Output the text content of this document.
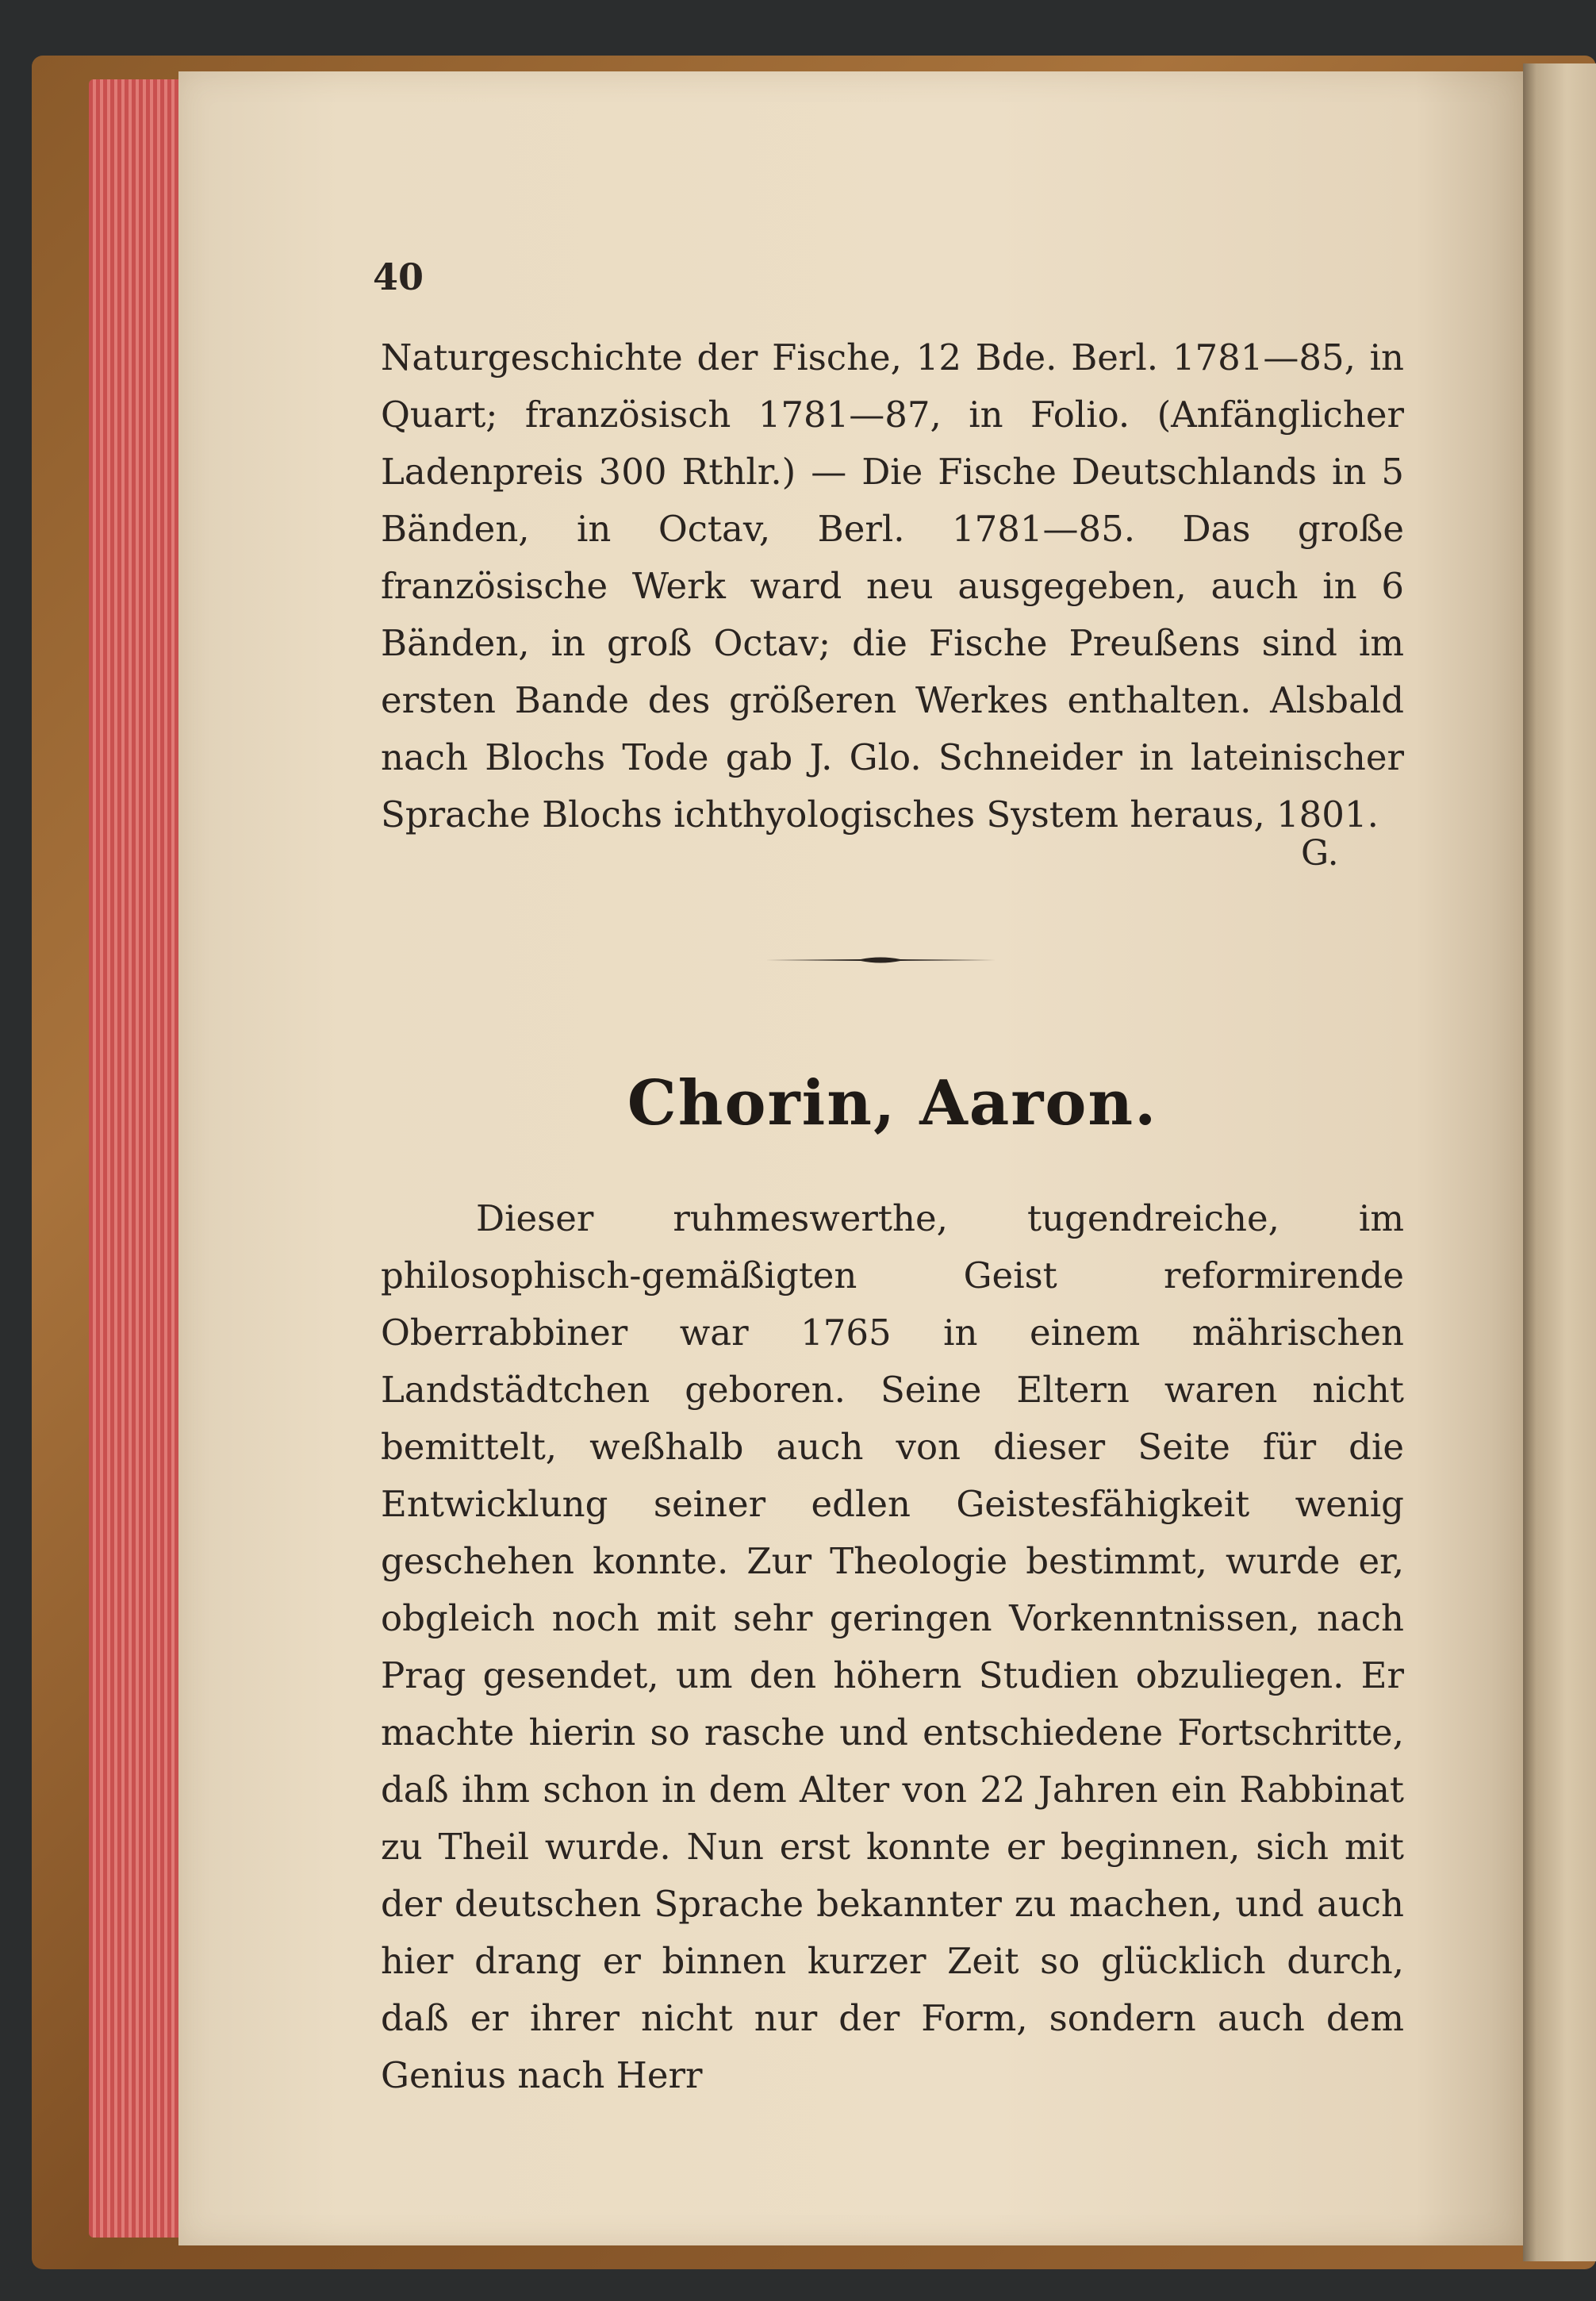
40

Naturgeschichte der Fische, 12 Bde. Berl. 1781—85, in Quart; französisch 1781—87, in Folio. (Anfänglicher Ladenpreis 300 Rthlr.) — Die Fische Deutschlands in 5 Bänden, in Octav, Berl. 1781—85. Das große französische Werk ward neu ausgegeben, auch in 6 Bänden, in groß Octav; die Fische Preußens sind im ersten Bande des größeren Werkes enthalten. Alsbald nach Blochs Tode gab J. Glo. Schneider in lateinischer Sprache Blochs ichthyologisches System heraus, 1801.

G.
Chorin, Aaron.

Dieser ruhmeswerthe, tugendreiche, im philosophisch-gemäßigten Geist reformirende Oberrabbiner war 1765 in einem mährischen Landstädtchen geboren. Seine Eltern waren nicht bemittelt, weßhalb auch von dieser Seite für die Entwicklung seiner edlen Geistesfähigkeit wenig geschehen konnte. Zur Theologie bestimmt, wurde er, obgleich noch mit sehr geringen Vorkenntnissen, nach Prag gesendet, um den höhern Studien obzuliegen. Er machte hierin so rasche und entschiedene Fortschritte, daß ihm schon in dem Alter von 22 Jahren ein Rabbinat zu Theil wurde. Nun erst konnte er beginnen, sich mit der deutschen Sprache bekannter zu machen, und auch hier drang er binnen kurzer Zeit so glücklich durch, daß er ihrer nicht nur der Form, sondern auch dem Genius nach Herr
